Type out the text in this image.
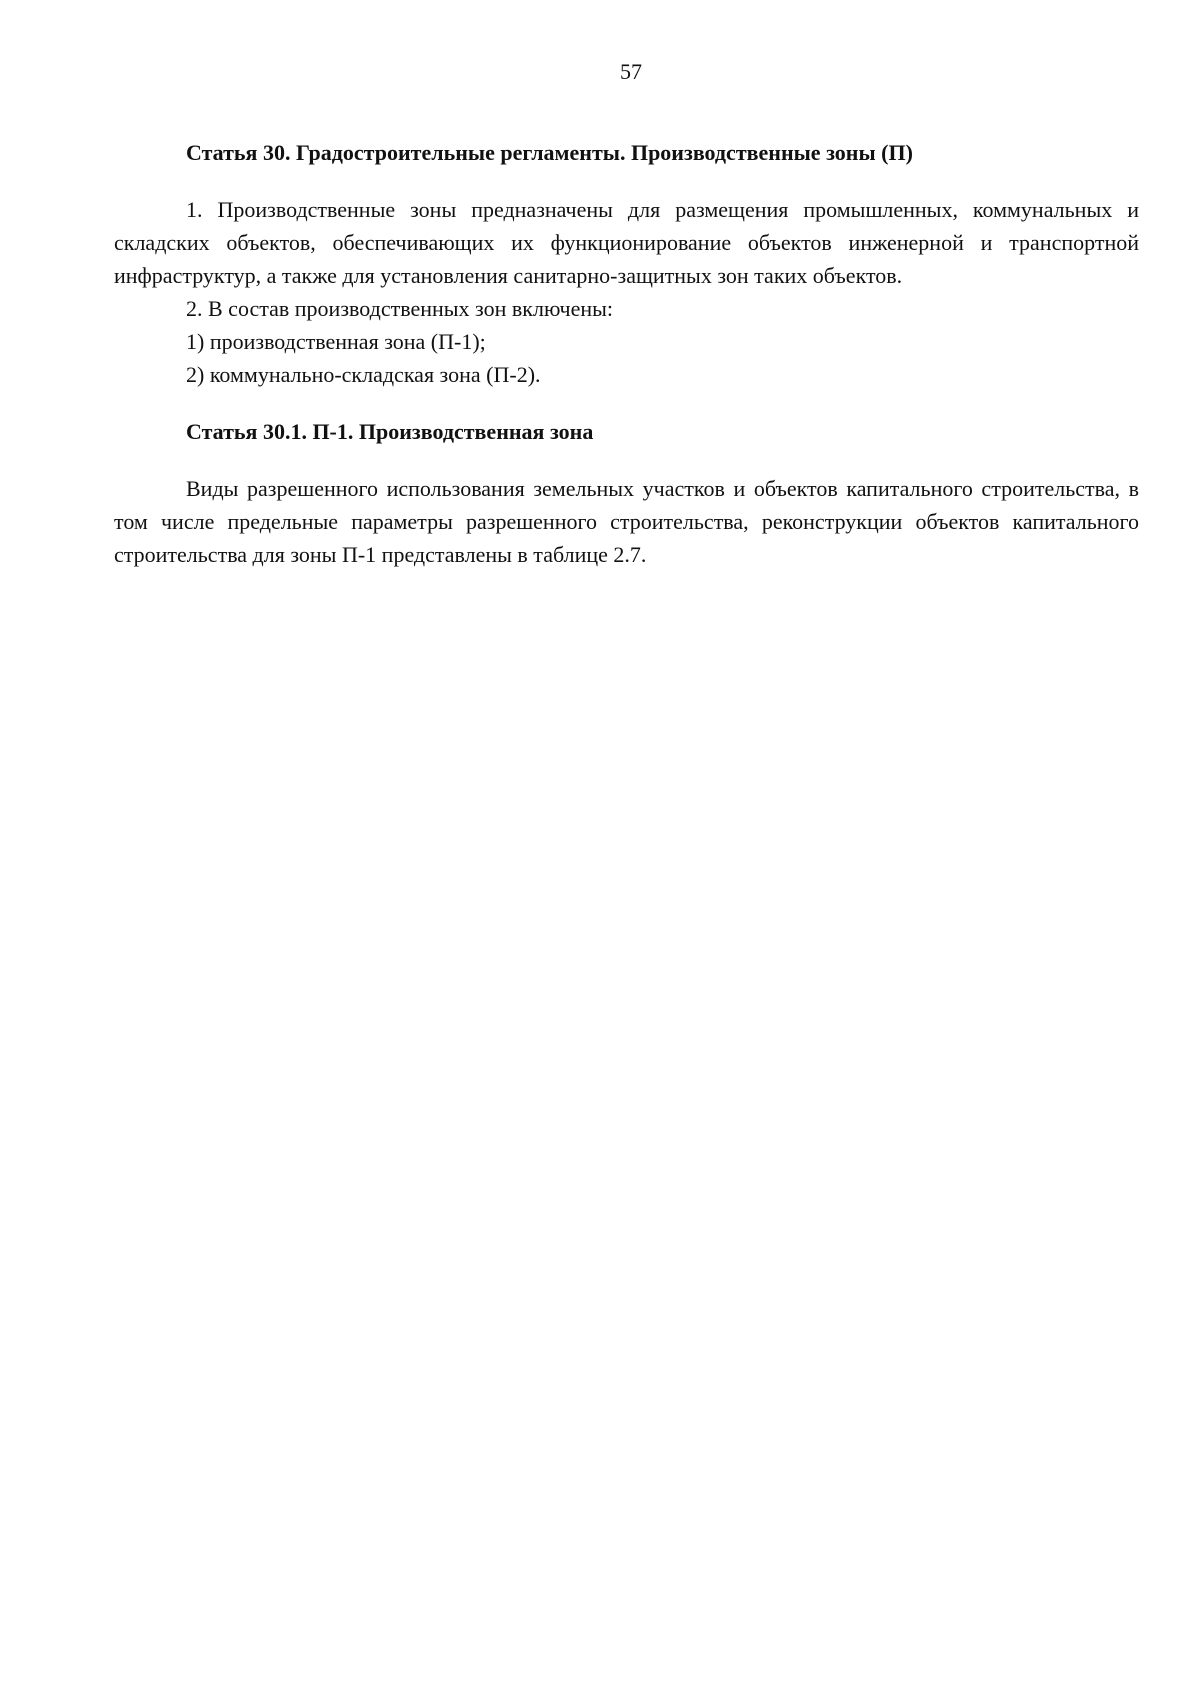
57

Статья 30. Градостроительные регламенты. Производственные зоны (П)

1. Производственные зоны предназначены для размещения промышленных, коммунальных и складских объектов, обеспечивающих их функционирование объектов инженерной и транспортной инфраструктур, а также для установления санитарно-защитных зон таких объектов.

2. В состав производственных зон включены:

1) производственная зона (П-1);

2) коммунально-складская зона (П-2).

Статья 30.1. П-1. Производственная зона

Виды разрешенного использования земельных участков и объектов капитального строительства, в том числе предельные параметры разрешенного строительства, реконструкции объектов капитального строительства для зоны П-1 представлены в таблице 2.7.
